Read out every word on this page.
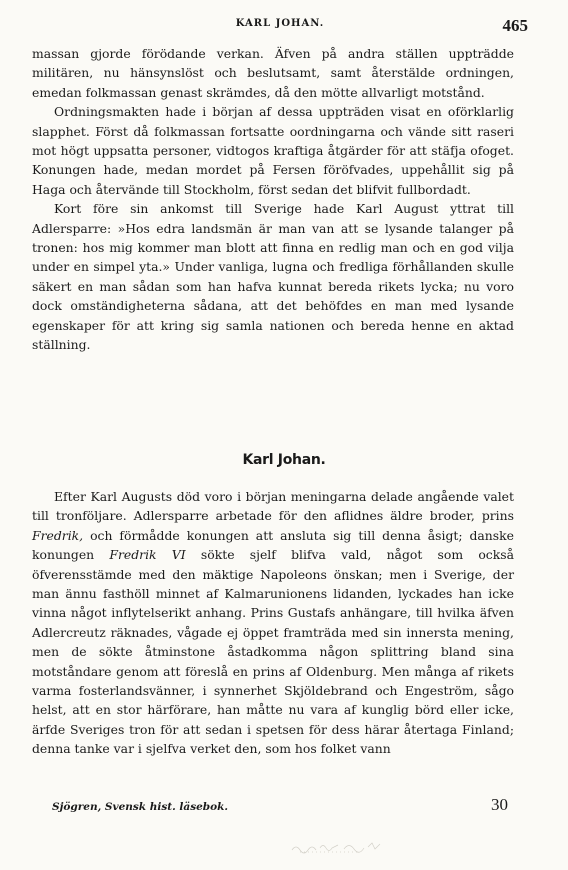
KARL JOHAN.	465

massan gjorde förödande verkan. Äfven på andra ställen uppträdde militären, nu hänsynslöst och beslutsamt, samt återstälde ordningen, emedan folkmassan genast skrämdes, då den mötte allvarligt motstånd.

Ordningsmakten hade i början af dessa uppträden visat en oförklarlig slapphet. Först då folkmassan fortsatte oordningarna och vände sitt raseri mot högt uppsatta personer, vidtogos kraftiga åtgärder för att stäfja ofoget. Konungen hade, medan mordet på Fersen föröfvades, uppehållit sig på Haga och återvände till Stockholm, först sedan det blifvit fullbordadt.

Kort före sin ankomst till Sverige hade Karl August yttrat till Adlersparre: »Hos edra landsmän är man van att se lysande talanger på tronen: hos mig kommer man blott att finna en redlig man och en god vilja under en simpel yta.» Under vanliga, lugna och fredliga förhållanden skulle säkert en man sådan som han hafva kunnat bereda rikets lycka; nu voro dock omständigheterna sådana, att det behöfdes en man med lysande egenskaper för att kring sig samla nationen och bereda henne en aktad ställning.

Karl Johan.

Efter Karl Augusts död voro i början meningarna delade angående valet till tronföljare. Adlersparre arbetade för den aflidnes äldre broder, prins Fredrik, och förmådde konungen att ansluta sig till denna åsigt; danske konungen Fredrik VI sökte sjelf blifva vald, något som också öfverensstämde med den mäktige Napoleons önskan; men i Sverige, der man ännu fasthöll minnet af Kalmarunionens lidanden, lyckades han icke vinna något inflytelserikt anhang. Prins Gustafs anhängare, till hvilka äfven Adlercreutz räknades, vågade ej öppet framträda med sin innersta mening, men de sökte åtminstone åstadkomma någon splittring bland sina motståndare genom att föreslå en prins af Oldenburg. Men många af rikets varma fosterlandsvänner, i synnerhet Skjöldebrand och Engeström, sågo helst, att en stor härförare, han måtte nu vara af kunglig börd eller icke, ärfde Sveriges tron för att sedan i spetsen för dess härar återtaga Finland; denna tanke var i sjelfva verket den, som hos folket vann

Sjögren, Svensk hist. läsebok.	30
